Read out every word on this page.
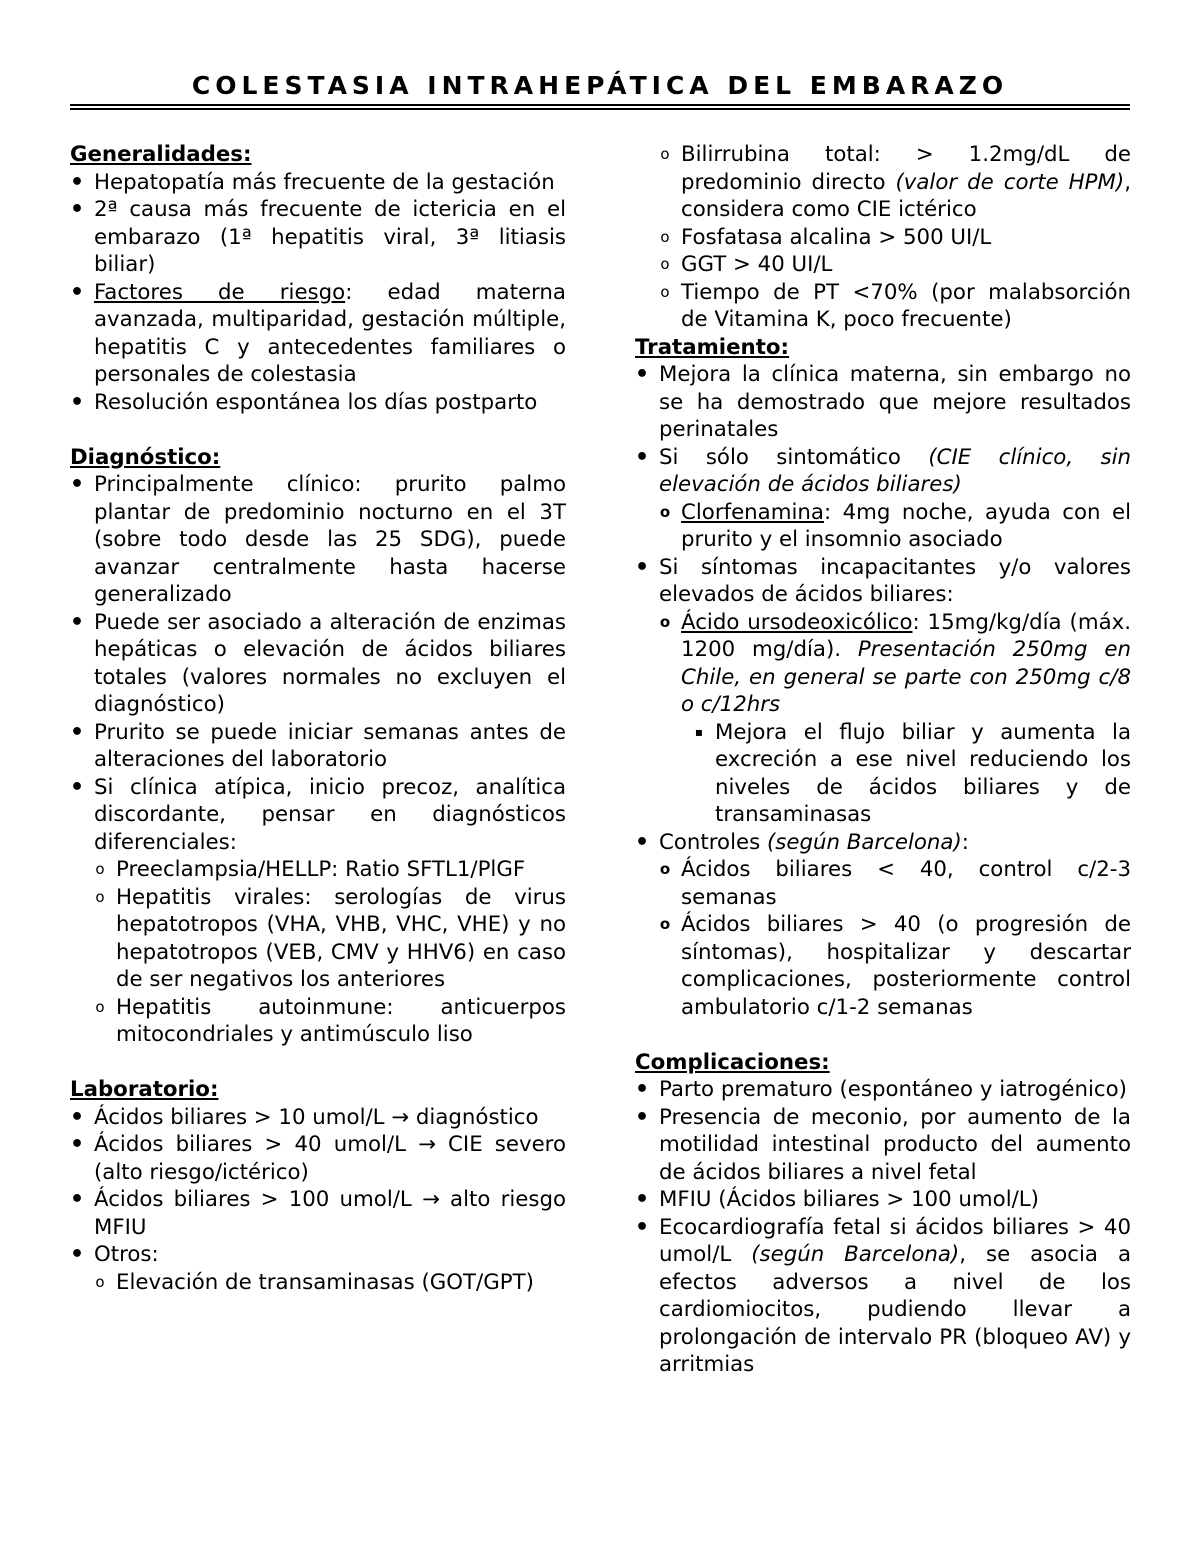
COLESTASIA INTRAHEPÁTICA DEL EMBARAZO

Generalidades:

• Hepatopatía más frecuente de la gestación
• 2ª causa más frecuente de ictericia en el embarazo (1ª hepatitis viral, 3ª litiasis biliar)
• Factores de riesgo: edad materna avanzada, multiparidad, gestación múltiple, hepatitis C y antecedentes familiares o personales de colestasia
• Resolución espontánea los días postparto

Diagnóstico:

• Principalmente clínico: prurito palmo plantar de predominio nocturno en el 3T (sobre todo desde las 25 SDG), puede avanzar centralmente hasta hacerse generalizado
• Puede ser asociado a alteración de enzimas hepáticas o elevación de ácidos biliares totales (valores normales no excluyen el diagnóstico)
• Prurito se puede iniciar semanas antes de alteraciones del laboratorio
• Si clínica atípica, inicio precoz, analítica discordante, pensar en diagnósticos diferenciales:
o Preeclampsia/HELLP: Ratio SFTL1/PlGF
o Hepatitis virales: serologías de virus hepatotropos (VHA, VHB, VHC, VHE) y no hepatotropos (VEB, CMV y HHV6) en caso de ser negativos los anteriores
o Hepatitis autoinmune: anticuerpos mitocondriales y antimúsculo liso

Laboratorio:

• Ácidos biliares > 10 umol/L → diagnóstico
• Ácidos biliares > 40 umol/L → CIE severo (alto riesgo/ictérico)
• Ácidos biliares > 100 umol/L → alto riesgo MFIU
• Otros:
o Elevación de transaminasas (GOT/GPT)
o Bilirrubina total: > 1.2mg/dL de predominio directo (valor de corte HPM), considera como CIE ictérico
o Fosfatasa alcalina > 500 UI/L
o GGT > 40 UI/L
o Tiempo de PT <70% (por malabsorción de Vitamina K, poco frecuente)

Tratamiento:

• Mejora la clínica materna, sin embargo no se ha demostrado que mejore resultados perinatales
• Si sólo sintomático (CIE clínico, sin elevación de ácidos biliares)
o Clorfenamina: 4mg noche, ayuda con el prurito y el insomnio asociado
• Si síntomas incapacitantes y/o valores elevados de ácidos biliares:
o Ácido ursodeoxicólico: 15mg/kg/día (máx. 1200 mg/día). Presentación 250mg en Chile, en general se parte con 250mg c/8 o c/12hrs
▪ Mejora el flujo biliar y aumenta la excreción a ese nivel reduciendo los niveles de ácidos biliares y de transaminasas
• Controles (según Barcelona):
o Ácidos biliares < 40, control c/2-3 semanas
o Ácidos biliares > 40 (o progresión de síntomas), hospitalizar y descartar complicaciones, posteriormente control ambulatorio c/1-2 semanas

Complicaciones:

• Parto prematuro (espontáneo y iatrogénico)
• Presencia de meconio, por aumento de la motilidad intestinal producto del aumento de ácidos biliares a nivel fetal
• MFIU (Ácidos biliares > 100 umol/L)
• Ecocardiografía fetal si ácidos biliares > 40 umol/L (según Barcelona), se asocia a efectos adversos a nivel de los cardiomiocitos, pudiendo llevar a prolongación de intervalo PR (bloqueo AV) y arritmias
